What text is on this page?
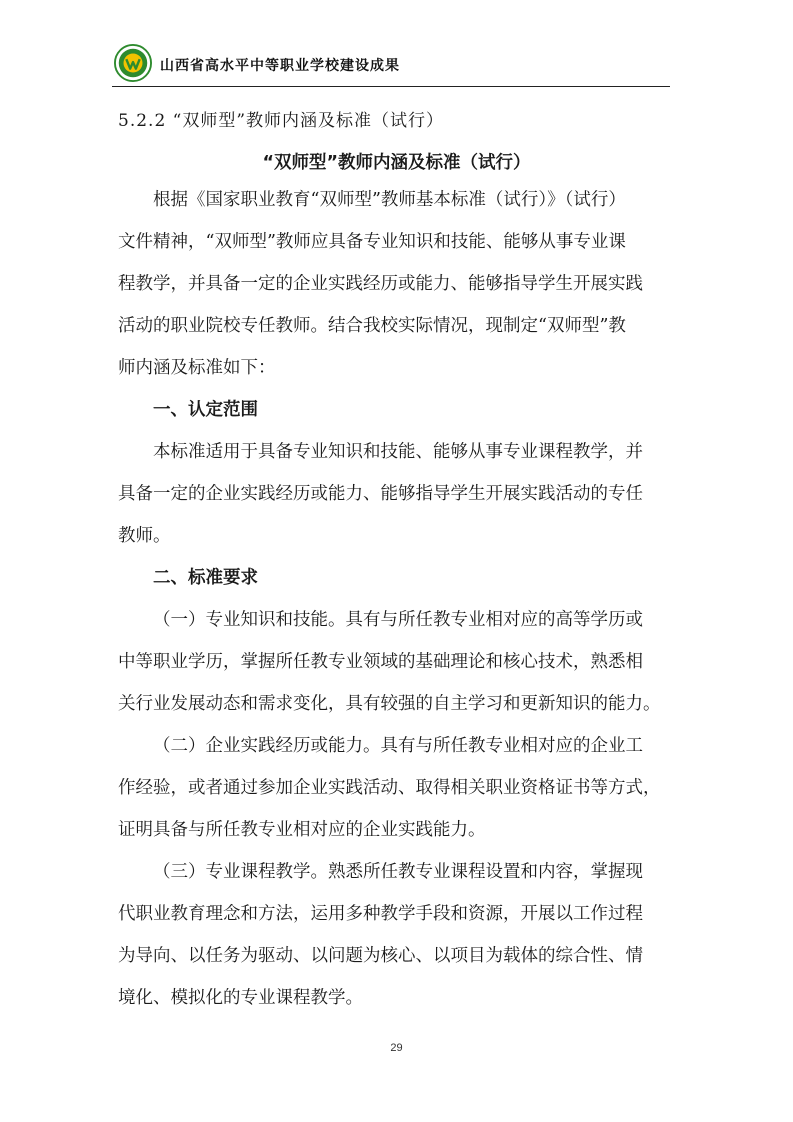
山西省高水平中等职业学校建设成果
5.2.2 “双师型”教师内涵及标准（试行）
“双师型”教师内涵及标准（试行）
根据《国家职业教育“双师型”教师基本标准（试行）》（试行）
文件精神，“双师型”教师应具备专业知识和技能、能够从事专业课
程教学，并具备一定的企业实践经历或能力、能够指导学生开展实践
活动的职业院校专任教师。结合我校实际情况，现制定“双师型”教
师内涵及标准如下：
一、认定范围
本标准适用于具备专业知识和技能、能够从事专业课程教学，并
具备一定的企业实践经历或能力、能够指导学生开展实践活动的专任
教师。
二、标准要求
（一）专业知识和技能。具有与所任教专业相对应的高等学历或
中等职业学历，掌握所任教专业领域的基础理论和核心技术，熟悉相
关行业发展动态和需求变化，具有较强的自主学习和更新知识的能力。
（二）企业实践经历或能力。具有与所任教专业相对应的企业工
作经验，或者通过参加企业实践活动、取得相关职业资格证书等方式，
证明具备与所任教专业相对应的企业实践能力。
（三）专业课程教学。熟悉所任教专业课程设置和内容，掌握现
代职业教育理念和方法，运用多种教学手段和资源，开展以工作过程
为导向、以任务为驱动、以问题为核心、以项目为载体的综合性、情
境化、模拟化的专业课程教学。
29
